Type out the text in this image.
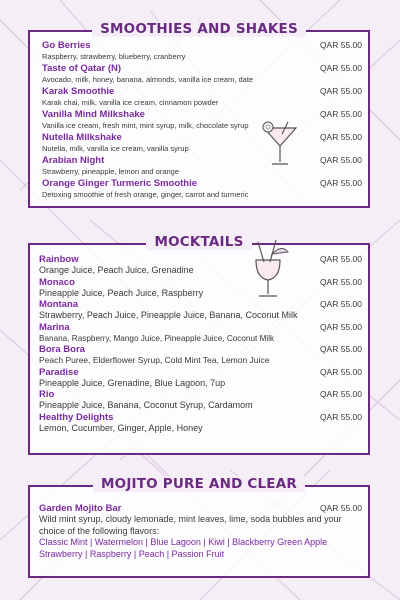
SMOOTHIES AND SHAKES
Go Berries	QAR 55.00
Raspberry, strawberry, blueberry, cranberry
Taste of Qatar (N)	QAR 55.00
Avocado, milk, honey, banana, almonds, vanilla ice cream, date
Karak Smoothie	QAR 55.00
Karak chai, milk, vanilla ice cream, cinnamon powder
Vanilla Mind Milkshake	QAR 55.00
Vanilla ice cream, fresh mint, mint syrup, milk, chocolate syrup
Nutella Milkshake	QAR 55.00
Nutella, milk, vanilla ice cream, vanilla syrup
Arabian Night	QAR 55.00
Strawberry, pineapple, lemon and orange
Orange Ginger Turmeric Smoothie	QAR 55.00
Detoxing smoothie of fresh orange, ginger, carrot and turmeric
MOCKTAILS
Rainbow	QAR 55.00
Orange Juice, Peach Juice, Grenadine
Monaco	QAR 55.00
Pineapple Juice, Peach Juice, Raspberry
Montana	QAR 55.00
Strawberry, Peach Juice, Pineapple Juice, Banana, Coconut Milk
Marina	QAR 55.00
Banana, Raspberry, Mango Juice, Pineapple Juice, Coconut Milk
Bora Bora	QAR 55.00
Peach Puree, Elderflower Syrup, Cold Mint Tea, Lemon Juice
Paradise	QAR 55.00
Pineapple Juice, Grenadine, Blue Lagoon, 7up
Rio	QAR 55.00
Pineapple Juice, Banana, Coconut Syrup, Cardamom
Healthy Delights	QAR 55.00
Lemon, Cucumber, Ginger, Apple, Honey
MOJITO PURE AND CLEAR
Garden Mojito Bar	QAR 55.00
Wild mint syrup, cloudy lemonade, mint leaves, lime, soda bubbles and your choice of the following flavors:
Classic Mint | Watermelon | Blue Lagoon | Kiwi | Blackberry Green Apple Strawberry | Raspberry | Peach | Passion Fruit
